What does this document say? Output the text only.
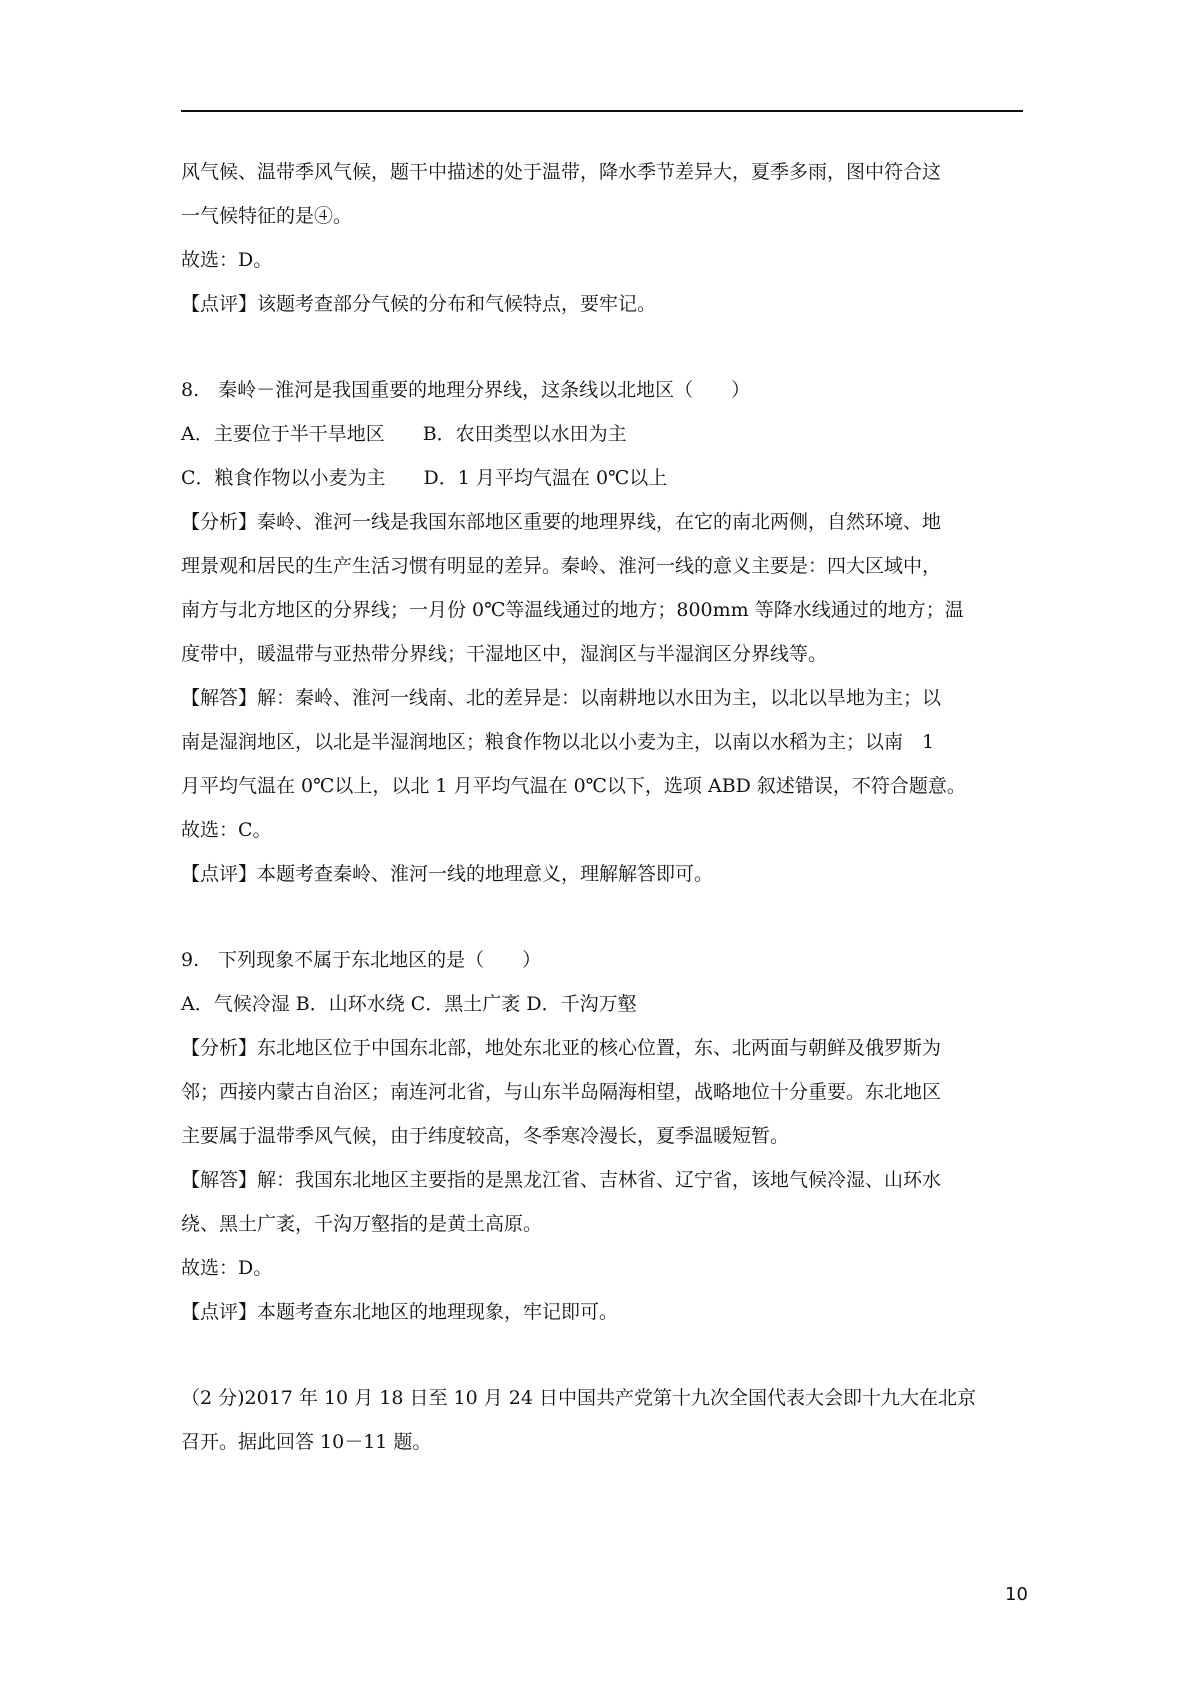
风气候、温带季风气候，题干中描述的处于温带，降水季节差异大，夏季多雨，图中符合这
一气候特征的是④。
故选：D。
【点评】该题考查部分气候的分布和气候特点，要牢记。
8.　秦岭－淮河是我国重要的地理分界线，这条线以北地区（　　）
A．主要位于半干旱地区　　B．农田类型以水田为主
C．粮食作物以小麦为主　　D．1 月平均气温在 0℃以上
【分析】秦岭、淮河一线是我国东部地区重要的地理界线，在它的南北两侧，自然环境、地
理景观和居民的生产生活习惯有明显的差异。秦岭、淮河一线的意义主要是：四大区域中，
南方与北方地区的分界线；一月份 0℃等温线通过的地方；800mm 等降水线通过的地方；温
度带中，暖温带与亚热带分界线；干湿地区中，湿润区与半湿润区分界线等。
【解答】解：秦岭、淮河一线南、北的差异是：以南耕地以水田为主，以北以旱地为主；以
南是湿润地区，以北是半湿润地区；粮食作物以北以小麦为主，以南以水稻为主；以南　1
月平均气温在 0℃以上，以北 1 月平均气温在 0℃以下，选项 ABD 叙述错误，不符合题意。
故选：C。
【点评】本题考查秦岭、淮河一线的地理意义，理解解答即可。
9.　下列现象不属于东北地区的是（　　）
A．气候冷湿 B．山环水绕 C．黑土广袤 D．千沟万壑
【分析】东北地区位于中国东北部，地处东北亚的核心位置，东、北两面与朝鲜及俄罗斯为
邻；西接内蒙古自治区；南连河北省，与山东半岛隔海相望，战略地位十分重要。东北地区
主要属于温带季风气候，由于纬度较高，冬季寒冷漫长，夏季温暖短暂。
【解答】解：我国东北地区主要指的是黑龙江省、吉林省、辽宁省，该地气候冷湿、山环水
绕、黑土广袤，千沟万壑指的是黄土高原。
故选：D。
【点评】本题考查东北地区的地理现象，牢记即可。
（2 分)2017 年 10 月 18 日至 10 月 24 日中国共产党第十九次全国代表大会即十九大在北京
召开。据此回答 10－11 题。
10
